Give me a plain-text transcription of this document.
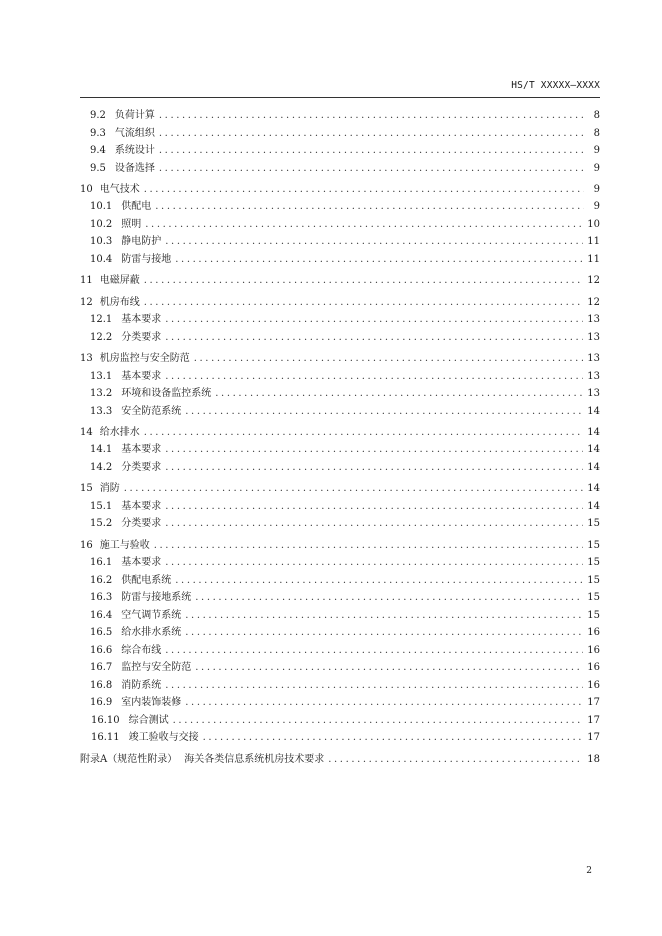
HS/T XXXXX—XXXX
9.2 负荷计算 .....	8
9.3 气流组织 .....	8
9.4 系统设计 .....	9
9.5 设备选择 .....	9
10 电气技术 .....	9
10.1 供配电 .....	9
10.2 照明 .....	10
10.3 静电防护 .....	11
10.4 防雷与接地 .....	11
11 电磁屏蔽 .....	12
12 机房布线 .....	12
12.1 基本要求 .....	13
12.2 分类要求 .....	13
13 机房监控与安全防范 .....	13
13.1 基本要求 .....	13
13.2 环境和设备监控系统 .....	13
13.3 安全防范系统 .....	14
14 给水排水 .....	14
14.1 基本要求 .....	14
14.2 分类要求 .....	14
15 消防 .....	14
15.1 基本要求 .....	14
15.2 分类要求 .....	15
16 施工与验收 .....	15
16.1 基本要求 .....	15
16.2 供配电系统 .....	15
16.3 防雷与接地系统 .....	15
16.4 空气调节系统 .....	15
16.5 给水排水系统 .....	16
16.6 综合布线 .....	16
16.7 监控与安全防范 .....	16
16.8 消防系统 .....	16
16.9 室内装饰装修 .....	17
16.10 综合测试 .....	17
16.11 竣工验收与交接 .....	17
附录A（规范性附录） 海关各类信息系统机房技术要求 .....	18
2
